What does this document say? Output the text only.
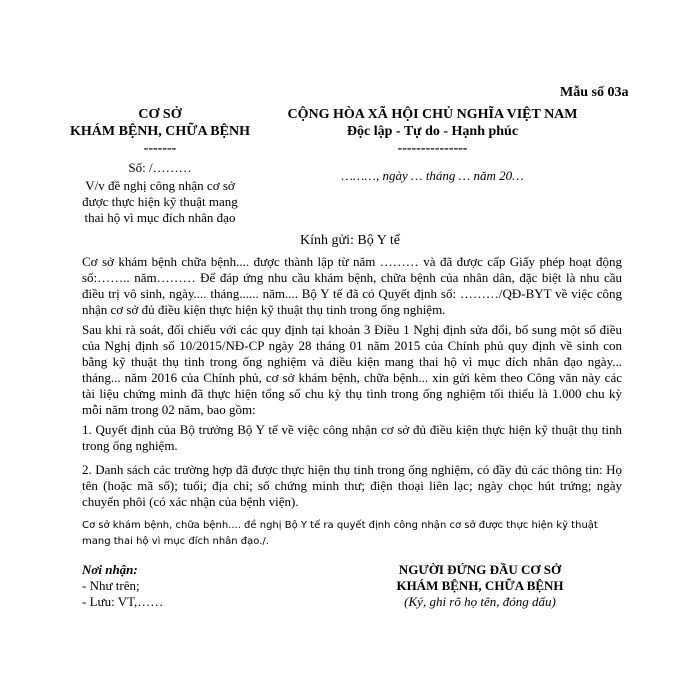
Mẫu số 03a
CƠ SỞ
KHÁM BỆNH, CHỮA BỆNH
-------
CỘNG HÒA XÃ HỘI CHỦ NGHĨA VIỆT NAM
Độc lập - Tự do - Hạnh phúc
---------------
Số: /………
V/v đề nghị công nhận cơ sở
được thực hiện kỹ thuật mang
thai hộ vì mục đích nhân đạo
………, ngày … tháng … năm 20…
Kính gửi: Bộ Y tế
Cơ sở khám bệnh chữa bệnh.... được thành lập từ năm ……… và đã được cấp Giấy phép hoạt động số:…….. năm……… Để đáp ứng nhu cầu khám bệnh, chữa bệnh của nhân dân, đặc biệt là nhu cầu điều trị vô sinh, ngày.... tháng...... năm.... Bộ Y tế đã có Quyết định số: ………/QĐ-BYT về việc công nhận cơ sở đủ điều kiện thực hiện kỹ thuật thụ tinh trong ống nghiệm.
Sau khi rà soát, đối chiếu với các quy định tại khoản 3 Điều 1 Nghị định sửa đổi, bổ sung một số điều của Nghị định số 10/2015/NĐ-CP ngày 28 tháng 01 năm 2015 của Chính phủ quy định về sinh con bằng kỹ thuật thụ tinh trong ống nghiệm và điều kiện mang thai hộ vì mục đích nhân đạo ngày... tháng... năm 2016 của Chính phủ, cơ sở khám bệnh, chữa bệnh... xin gửi kèm theo Công văn này các tài liệu chứng minh đã thực hiện tổng số chu kỳ thụ tinh trong ống nghiệm tối thiểu là 1.000 chu kỳ mỗi năm trong 02 năm, bao gồm:
1. Quyết định của Bộ trưởng Bộ Y tế về việc công nhận cơ sở đủ điều kiện thực hiện kỹ thuật thụ tinh trong ống nghiệm.
2. Danh sách các trường hợp đã được thực hiện thụ tinh trong ống nghiệm, có đầy đủ các thông tin: Họ tên (hoặc mã số); tuổi; địa chỉ; số chứng minh thư; điện thoại liên lạc; ngày chọc hút trứng; ngày chuyển phôi (có xác nhận của bệnh viện).
Cơ sở khám bệnh, chữa bệnh.... đề nghị Bộ Y tế ra quyết định công nhận cơ sở được thực hiện kỹ thuật mang thai hộ vì mục đích nhân đạo./.
Nơi nhận:
- Như trên;
- Lưu: VT,……
NGƯỜI ĐỨNG ĐẦU CƠ SỞ
KHÁM BỆNH, CHỮA BỆNH
(Ký, ghi rõ họ tên, đóng dấu)
